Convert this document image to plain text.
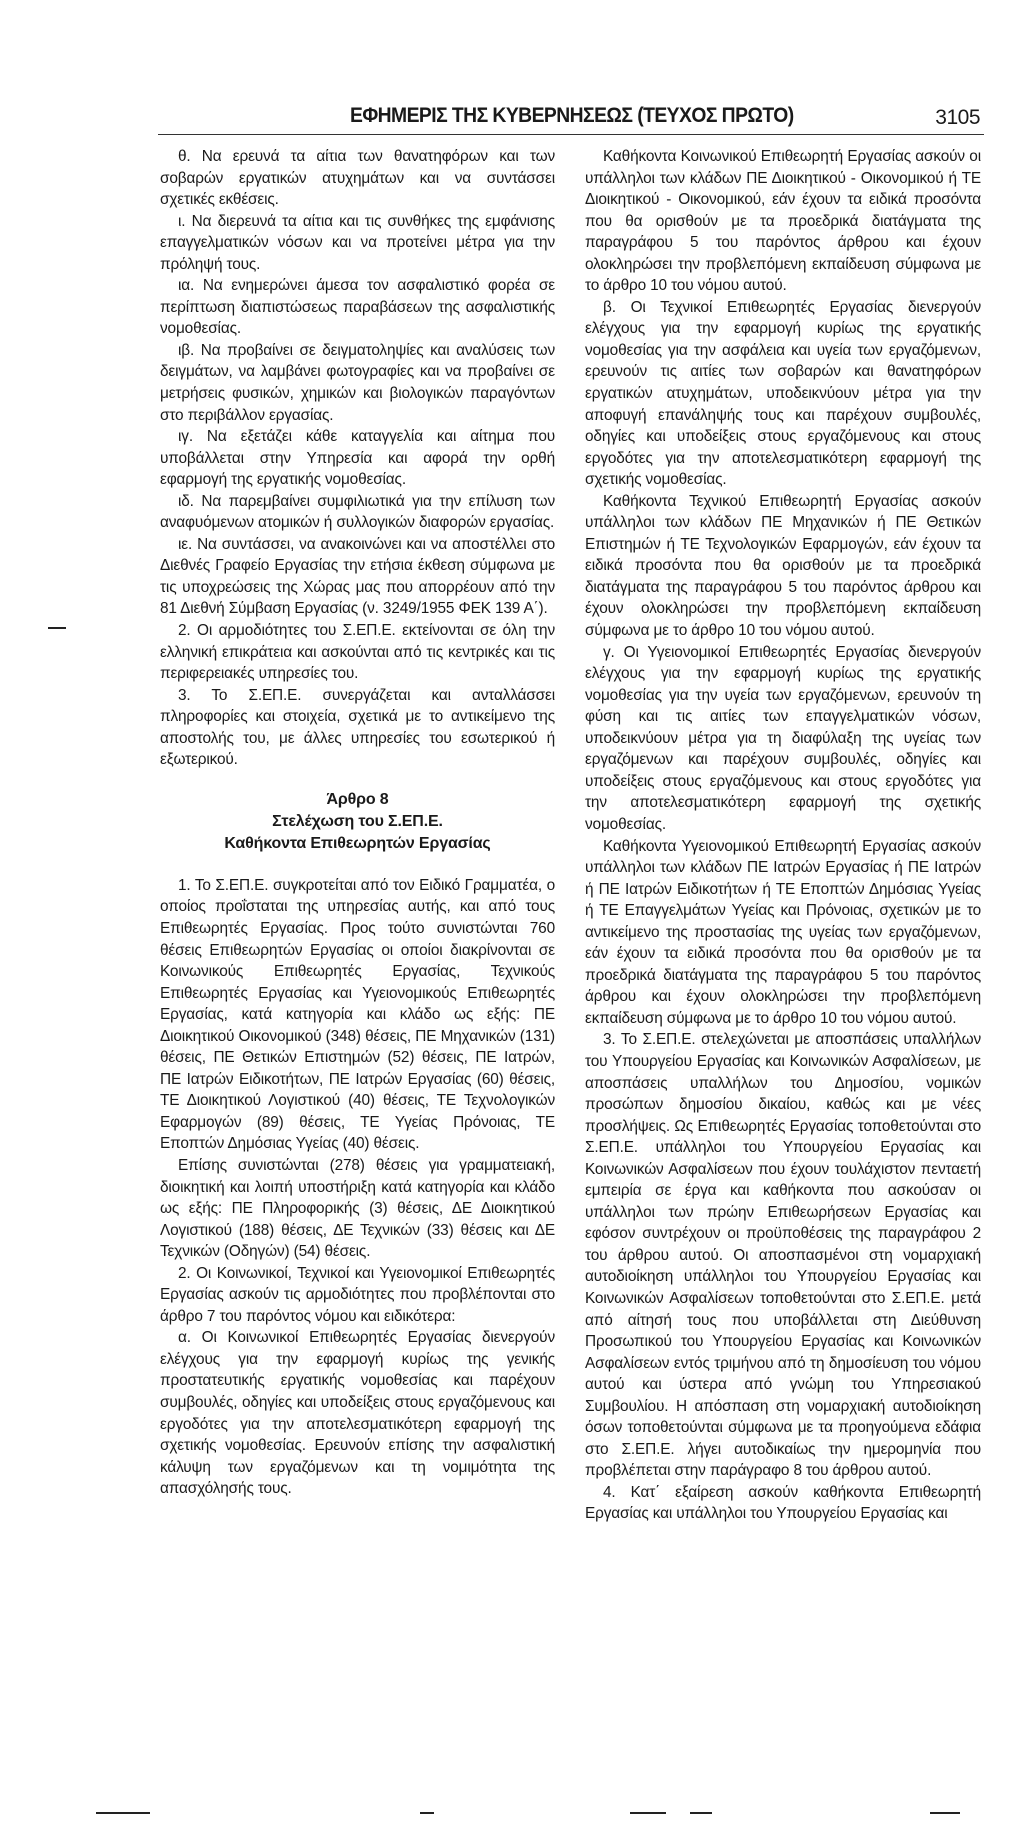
ΕΦΗΜΕΡΙΣ ΤΗΣ ΚΥΒΕΡΝΗΣΕΩΣ (ΤΕΥΧΟΣ ΠΡΩΤΟ)	3105

θ. Να ερευνά τα αίτια των θανατηφόρων και των σοβαρών εργατικών ατυχημάτων και να συντάσσει σχετικές εκθέσεις.

ι. Να διερευνά τα αίτια και τις συνθήκες της εμφάνισης επαγγελματικών νόσων και να προτείνει μέτρα για την πρόληψή τους.

ια. Να ενημερώνει άμεσα τον ασφαλιστικό φορέα σε περίπτωση διαπιστώσεως παραβάσεων της ασφαλιστικής νομοθεσίας.

ιβ. Να προβαίνει σε δειγματοληψίες και αναλύσεις των δειγμάτων, να λαμβάνει φωτογραφίες και να προβαίνει σε μετρήσεις φυσικών, χημικών και βιολογικών παραγόντων στο περιβάλλον εργασίας.

ιγ. Να εξετάζει κάθε καταγγελία και αίτημα που υποβάλλεται στην Υπηρεσία και αφορά την ορθή εφαρμογή της εργατικής νομοθεσίας.

ιδ. Να παρεμβαίνει συμφιλιωτικά για την επίλυση των αναφυόμενων ατομικών ή συλλογικών διαφορών εργασίας.

ιε. Να συντάσσει, να ανακοινώνει και να αποστέλλει στο Διεθνές Γραφείο Εργασίας την ετήσια έκθεση σύμφωνα με τις υποχρεώσεις της Χώρας μας που απορρέουν από την 81 Διεθνή Σύμβαση Εργασίας (ν. 3249/1955 ΦΕΚ 139 Α΄).

2. Οι αρμοδιότητες του Σ.ΕΠ.Ε. εκτείνονται σε όλη την ελληνική επικράτεια και ασκούνται από τις κεντρικές και τις περιφερειακές υπηρεσίες του.

3. Το Σ.ΕΠ.Ε. συνεργάζεται και ανταλλάσσει πληροφορίες και στοιχεία, σχετικά με το αντικείμενο της αποστολής του, με άλλες υπηρεσίες του εσωτερικού ή εξωτερικού.

Άρθρο 8
Στελέχωση του Σ.ΕΠ.Ε.
Καθήκοντα Επιθεωρητών Εργασίας

1. Το Σ.ΕΠ.Ε. συγκροτείται από τον Ειδικό Γραμματέα, ο οποίος προΐσταται της υπηρεσίας αυτής, και από τους Επιθεωρητές Εργασίας. Προς τούτο συνιστώνται 760 θέσεις Επιθεωρητών Εργασίας οι οποίοι διακρίνονται σε Κοινωνικούς Επιθεωρητές Εργασίας, Τεχνικούς Επιθεωρητές Εργασίας και Υγειονομικούς Επιθεωρητές Εργασίας, κατά κατηγορία και κλάδο ως εξής: ΠΕ Διοικητικού Οικονομικού (348) θέσεις, ΠΕ Μηχανικών (131) θέσεις, ΠΕ Θετικών Επιστημών (52) θέσεις, ΠΕ Ιατρών, ΠΕ Ιατρών Ειδικοτήτων, ΠΕ Ιατρών Εργασίας (60) θέσεις, ΤΕ Διοικητικού Λογιστικού (40) θέσεις, ΤΕ Τεχνολογικών Εφαρμογών (89) θέσεις, ΤΕ Υγείας Πρόνοιας, ΤΕ Εποπτών Δημόσιας Υγείας (40) θέσεις.

Επίσης συνιστώνται (278) θέσεις για γραμματειακή, διοικητική και λοιπή υποστήριξη κατά κατηγορία και κλάδο ως εξής: ΠΕ Πληροφορικής (3) θέσεις, ΔΕ Διοικητικού Λογιστικού (188) θέσεις, ΔΕ Τεχνικών (33) θέσεις και ΔΕ Τεχνικών (Οδηγών) (54) θέσεις.

2. Οι Κοινωνικοί, Τεχνικοί και Υγειονομικοί Επιθεωρητές Εργασίας ασκούν τις αρμοδιότητες που προβλέπονται στο άρθρο 7 του παρόντος νόμου και ειδικότερα:

α. Οι Κοινωνικοί Επιθεωρητές Εργασίας διενεργούν ελέγχους για την εφαρμογή κυρίως της γενικής προστατευτικής εργατικής νομοθεσίας και παρέχουν συμβουλές, οδηγίες και υποδείξεις στους εργαζόμενους και εργοδότες για την αποτελεσματικότερη εφαρμογή της σχετικής νομοθεσίας. Ερευνούν επίσης την ασφαλιστική κάλυψη των εργαζόμενων και τη νομιμότητα της απασχόλησής τους.

Καθήκοντα Κοινωνικού Επιθεωρητή Εργασίας ασκούν οι υπάλληλοι των κλάδων ΠΕ Διοικητικού - Οικονομικού ή ΤΕ Διοικητικού - Οικονομικού, εάν έχουν τα ειδικά προσόντα που θα ορισθούν με τα προεδρικά διατάγματα της παραγράφου 5 του παρόντος άρθρου και έχουν ολοκληρώσει την προβλεπόμενη εκπαίδευση σύμφωνα με το άρθρο 10 του νόμου αυτού.

β. Οι Τεχνικοί Επιθεωρητές Εργασίας διενεργούν ελέγχους για την εφαρμογή κυρίως της εργατικής νομοθεσίας για την ασφάλεια και υγεία των εργαζόμενων, ερευνούν τις αιτίες των σοβαρών και θανατηφόρων εργατικών ατυχημάτων, υποδεικνύουν μέτρα για την αποφυγή επανάληψής τους και παρέχουν συμβουλές, οδηγίες και υποδείξεις στους εργαζόμενους και στους εργοδότες για την αποτελεσματικότερη εφαρμογή της σχετικής νομοθεσίας.

Καθήκοντα Τεχνικού Επιθεωρητή Εργασίας ασκούν υπάλληλοι των κλάδων ΠΕ Μηχανικών ή ΠΕ Θετικών Επιστημών ή ΤΕ Τεχνολογικών Εφαρμογών, εάν έχουν τα ειδικά προσόντα που θα ορισθούν με τα προεδρικά διατάγματα της παραγράφου 5 του παρόντος άρθρου και έχουν ολοκληρώσει την προβλεπόμενη εκπαίδευση σύμφωνα με το άρθρο 10 του νόμου αυτού.

γ. Οι Υγειονομικοί Επιθεωρητές Εργασίας διενεργούν ελέγχους για την εφαρμογή κυρίως της εργατικής νομοθεσίας για την υγεία των εργαζόμενων, ερευνούν τη φύση και τις αιτίες των επαγγελματικών νόσων, υποδεικνύουν μέτρα για τη διαφύλαξη της υγείας των εργαζόμενων και παρέχουν συμβουλές, οδηγίες και υποδείξεις στους εργαζόμενους και στους εργοδότες για την αποτελεσματικότερη εφαρμογή της σχετικής νομοθεσίας.

Καθήκοντα Υγειονομικού Επιθεωρητή Εργασίας ασκούν υπάλληλοι των κλάδων ΠΕ Ιατρών Εργασίας ή ΠΕ Ιατρών ή ΠΕ Ιατρών Ειδικοτήτων ή ΤΕ Εποπτών Δημόσιας Υγείας ή ΤΕ Επαγγελμάτων Υγείας και Πρόνοιας, σχετικών με το αντικείμενο της προστασίας της υγείας των εργαζόμενων, εάν έχουν τα ειδικά προσόντα που θα ορισθούν με τα προεδρικά διατάγματα της παραγράφου 5 του παρόντος άρθρου και έχουν ολοκληρώσει την προβλεπόμενη εκπαίδευση σύμφωνα με το άρθρο 10 του νόμου αυτού.

3. Το Σ.ΕΠ.Ε. στελεχώνεται με αποσπάσεις υπαλλήλων του Υπουργείου Εργασίας και Κοινωνικών Ασφαλίσεων, με αποσπάσεις υπαλλήλων του Δημοσίου, νομικών προσώπων δημοσίου δικαίου, καθώς και με νέες προσλήψεις. Ως Επιθεωρητές Εργασίας τοποθετούνται στο Σ.ΕΠ.Ε. υπάλληλοι του Υπουργείου Εργασίας και Κοινωνικών Ασφαλίσεων που έχουν τουλάχιστον πενταετή εμπειρία σε έργα και καθήκοντα που ασκούσαν οι υπάλληλοι των πρώην Επιθεωρήσεων Εργασίας και εφόσον συντρέχουν οι προϋποθέσεις της παραγράφου 2 του άρθρου αυτού. Οι αποσπασμένοι στη νομαρχιακή αυτοδιοίκηση υπάλληλοι του Υπουργείου Εργασίας και Κοινωνικών Ασφαλίσεων τοποθετούνται στο Σ.ΕΠ.Ε. μετά από αίτησή τους που υποβάλλεται στη Διεύθυνση Προσωπικού του Υπουργείου Εργασίας και Κοινωνικών Ασφαλίσεων εντός τριμήνου από τη δημοσίευση του νόμου αυτού και ύστερα από γνώμη του Υπηρεσιακού Συμβουλίου. Η απόσπαση στη νομαρχιακή αυτοδιοίκηση όσων τοποθετούνται σύμφωνα με τα προηγούμενα εδάφια στο Σ.ΕΠ.Ε. λήγει αυτοδικαίως την ημερομηνία που προβλέπεται στην παράγραφο 8 του άρθρου αυτού.

4. Κατ΄ εξαίρεση ασκούν καθήκοντα Επιθεωρητή Εργασίας και υπάλληλοι του Υπουργείου Εργασίας και
